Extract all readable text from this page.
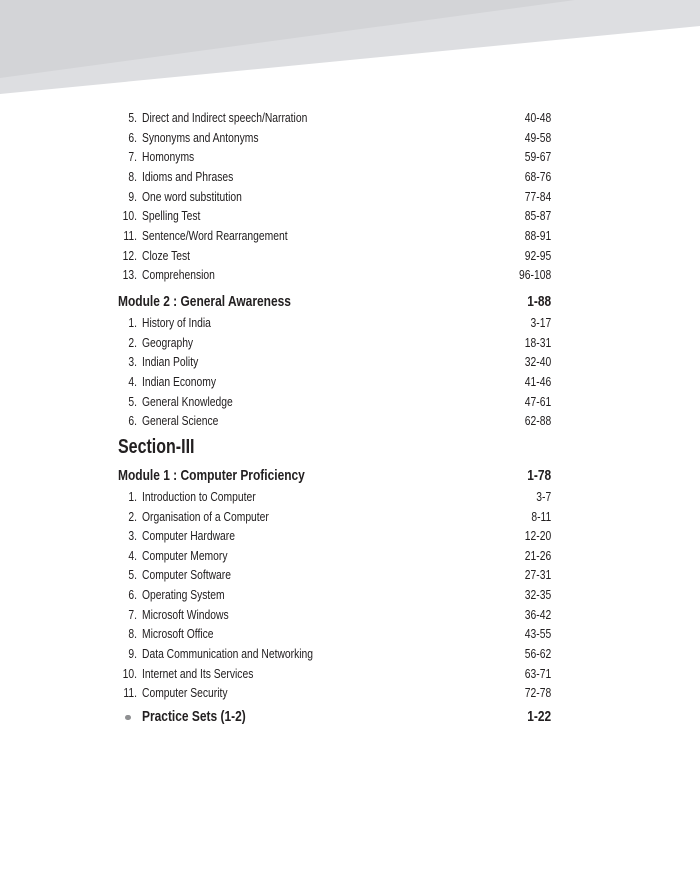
5. Direct and Indirect speech/Narration	40-48
6. Synonyms and Antonyms	49-58
7. Homonyms	59-67
8. Idioms and Phrases	68-76
9. One word substitution	77-84
10. Spelling Test	85-87
11. Sentence/Word Rearrangement	88-91
12. Cloze Test	92-95
13. Comprehension	96-108
Module 2 : General Awareness	1-88
1. History of India	3-17
2. Geography	18-31
3. Indian Polity	32-40
4. Indian Economy	41-46
5. General Knowledge	47-61
6. General Science	62-88
Section-III
Module 1 : Computer Proficiency	1-78
1. Introduction to Computer	3-7
2. Organisation of a Computer	8-11
3. Computer Hardware	12-20
4. Computer Memory	21-26
5. Computer Software	27-31
6. Operating System	32-35
7. Microsoft Windows	36-42
8. Microsoft Office	43-55
9. Data Communication and Networking	56-62
10. Internet and Its Services	63-71
11. Computer Security	72-78
Practice Sets (1-2)	1-22
